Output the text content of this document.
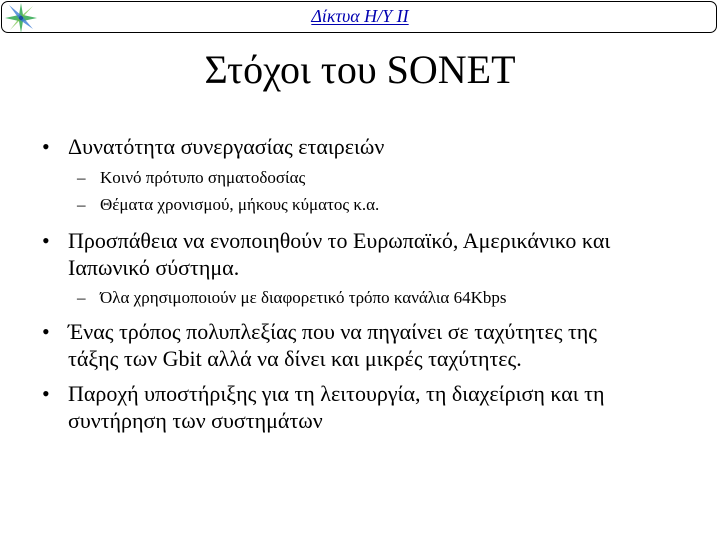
Δίκτυα Η/Υ ΙΙ
Στόχοι του SONET
• Δυνατότητα συνεργασίας εταιρειών
– Κοινό πρότυπο σηματοδοσίας
– Θέματα χρονισμού, μήκους κύματος κ.α.
• Προσπάθεια να ενοποιηθούν το Ευρωπαϊκό, Αμερικάνικο και
Ιαπωνικό σύστημα.
– Όλα χρησιμοποιούν με διαφορετικό τρόπο κανάλια 64Kbps
• Ένας τρόπος πολυπλεξίας που να πηγαίνει σε ταχύτητες της
τάξης των Gbit αλλά να δίνει και μικρές ταχύτητες.
• Παροχή υποστήριξης για τη λειτουργία, τη διαχείριση και τη
συντήρηση των συστημάτων
